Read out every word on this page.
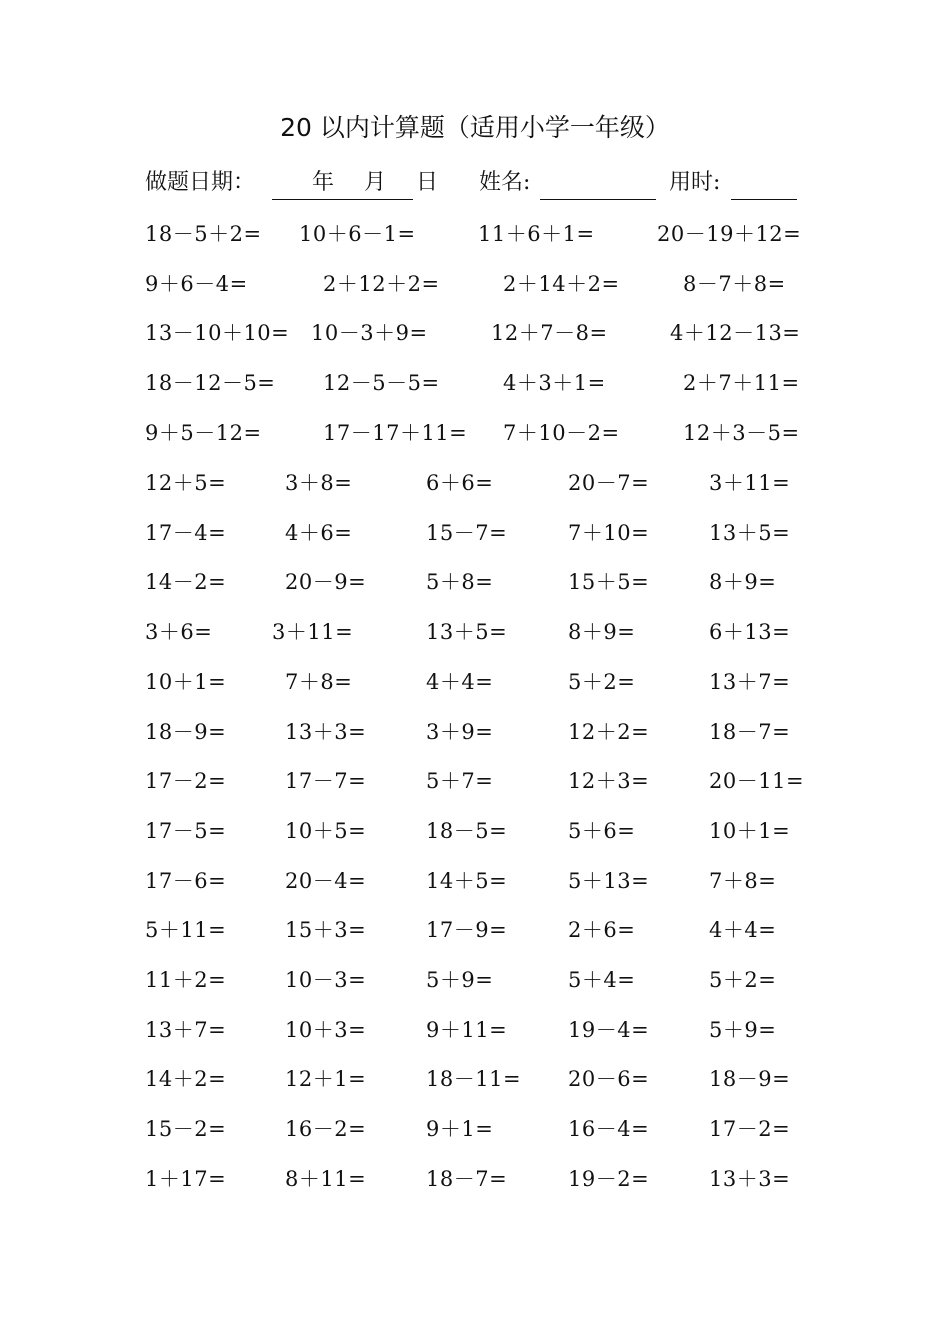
20 以内计算题（适用小学一年级）
做题日期：	年 月 日 姓名:	用时:
18－5＋2= 10＋6－1=	11＋6＋1=	20－19＋12=
9＋6－4=	2＋12＋2=	2＋14＋2=	8－7＋8=
13－10＋10= 10－3＋9=	12＋7－8=	4＋12－13=
18－12－5= 12－5－5=	4＋3＋1=	2＋7＋11=
9＋5－12=	17－17＋11= 7＋10－2=	12＋3－5=
12＋5=	3＋8=	6＋6=	20－7=	3＋11=
17－4=	4＋6=	15－7=	7＋10=	13＋5=
14－2=	20－9=	5＋8=	15＋5=	8＋9=
3＋6=	3＋11=	13＋5=	8＋9=	6＋13=
10＋1=	7＋8=	4＋4=	5＋2=	13＋7=
18－9=	13＋3=	3＋9=	12＋2=	18－7=
17－2=	17－7=	5＋7=	12＋3=	20－11=
17－5=	10＋5=	18－5=	5＋6=	10＋1=
17－6=	20－4=	14＋5=	5＋13=	7＋8=
5＋11=	15＋3=	17－9=	2＋6=	4＋4=
11＋2=	10－3=	5＋9=	5＋4=	5＋2=
13＋7=	10＋3=	9＋11=	19－4=	5＋9=
14＋2=	12＋1=	18－11= 20－6=	18－9=
15－2=	16－2=	9＋1=	16－4=	17－2=
1＋17=	8＋11=	18－7=	19－2=	13＋3=
